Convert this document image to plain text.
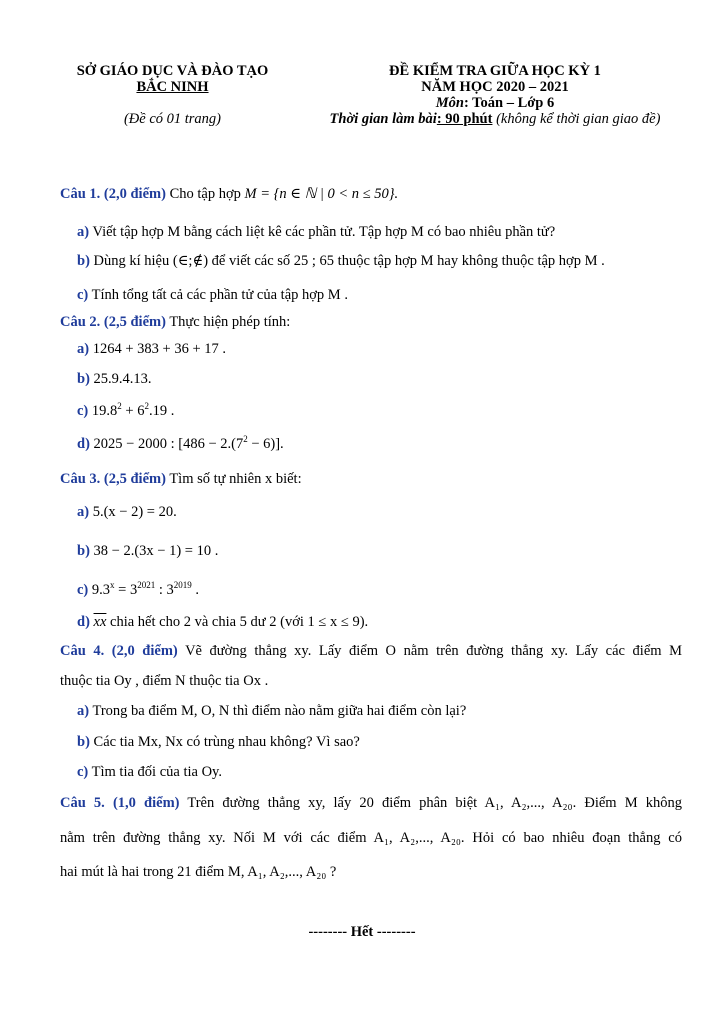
SỞ GIÁO DỤC VÀ ĐÀO TẠO
BẮC NINH
(Đề có 01 trang)
ĐỀ KIỂM TRA GIỮA HỌC KỲ 1
NĂM HỌC 2020 – 2021
Môn: Toán – Lớp 6
Thời gian làm bài: 90 phút (không kể thời gian giao đề)
Câu 1. (2,0 điểm) Cho tập hợp M = {n ∈ ℕ | 0 < n ≤ 50}.
a) Viết tập hợp M bằng cách liệt kê các phần tử. Tập hợp M có bao nhiêu phần tử?
b) Dùng kí hiệu (∈;∉) để viết các số 25 ; 65 thuộc tập hợp M hay không thuộc tập hợp M .
c) Tính tổng tất cả các phần tử của tập hợp M .
Câu 2. (2,5 điểm) Thực hiện phép tính:
a) 1264 + 383 + 36 + 17 .
b) 25.9.4.13.
c) $19.8^2 + 6^2.19$ .
d) 2025 − 2000 : $[486 - 2.(7^2 - 6)]$.
Câu 3. (2,5 điểm) Tìm số tự nhiên x biết:
a) 5.(x − 2) = 20.
b) 38 − 2.(3x − 1) = 10 .
c) $9.3^x = 3^{2021}$ : $3^{2019}$ .
d) $\overline{xx}$ chia hết cho 2 và chia 5 dư 2 (với 1 ≤ x ≤ 9).
Câu 4. (2,0 điểm) Vẽ đường thẳng xy. Lấy điểm O nằm trên đường thẳng xy. Lấy các điểm M
thuộc tia Oy , điểm N thuộc tia Ox .
a) Trong ba điểm M, O, N thì điểm nào nằm giữa hai điểm còn lại?
b) Các tia Mx, Nx có trùng nhau không? Vì sao?
c) Tìm tia đối của tia Oy.
Câu 5. (1,0 điểm) Trên đường thẳng xy, lấy 20 điểm phân biệt A₁, A₂,..., A₂₀. Điểm M không
nằm trên đường thẳng xy. Nối M với các điểm A₁, A₂,..., A₂₀. Hỏi có bao nhiêu đoạn thẳng có
hai mút là hai trong 21 điểm M, A₁, A₂,..., A₂₀ ?
-------- Hết --------
